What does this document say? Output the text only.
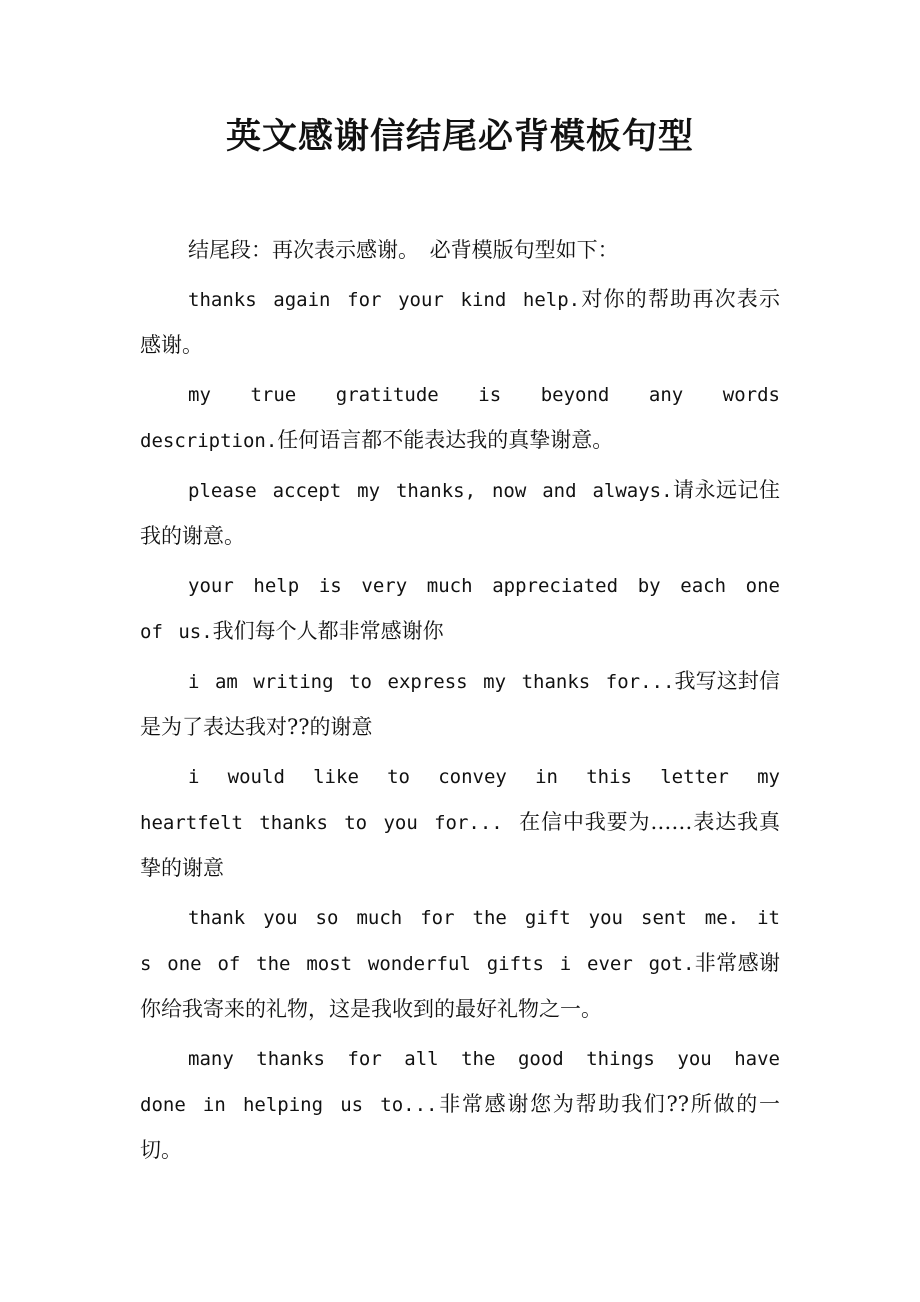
英文感谢信结尾必背模板句型

结尾段：再次表示感谢。 必背模版句型如下：

thanks again for your kind help.对你的帮助再次表示感谢。

my true gratitude is beyond any words description.任何语言都不能表达我的真挚谢意。

please accept my thanks, now and always.请永远记住我的谢意。

your help is very much appreciated by each one of us.我们每个人都非常感谢你

i am writing to express my thanks for...我写这封信是为了表达我对??的谢意

i would like to convey in this letter my heartfelt thanks to you for... 在信中我要为……表达我真挚的谢意

thank you so much for the gift you sent me. it s one of the most wonderful gifts i ever got.非常感谢你给我寄来的礼物，这是我收到的最好礼物之一。

many thanks for all the good things you have done in helping us to...非常感谢您为帮助我们??所做的一切。
